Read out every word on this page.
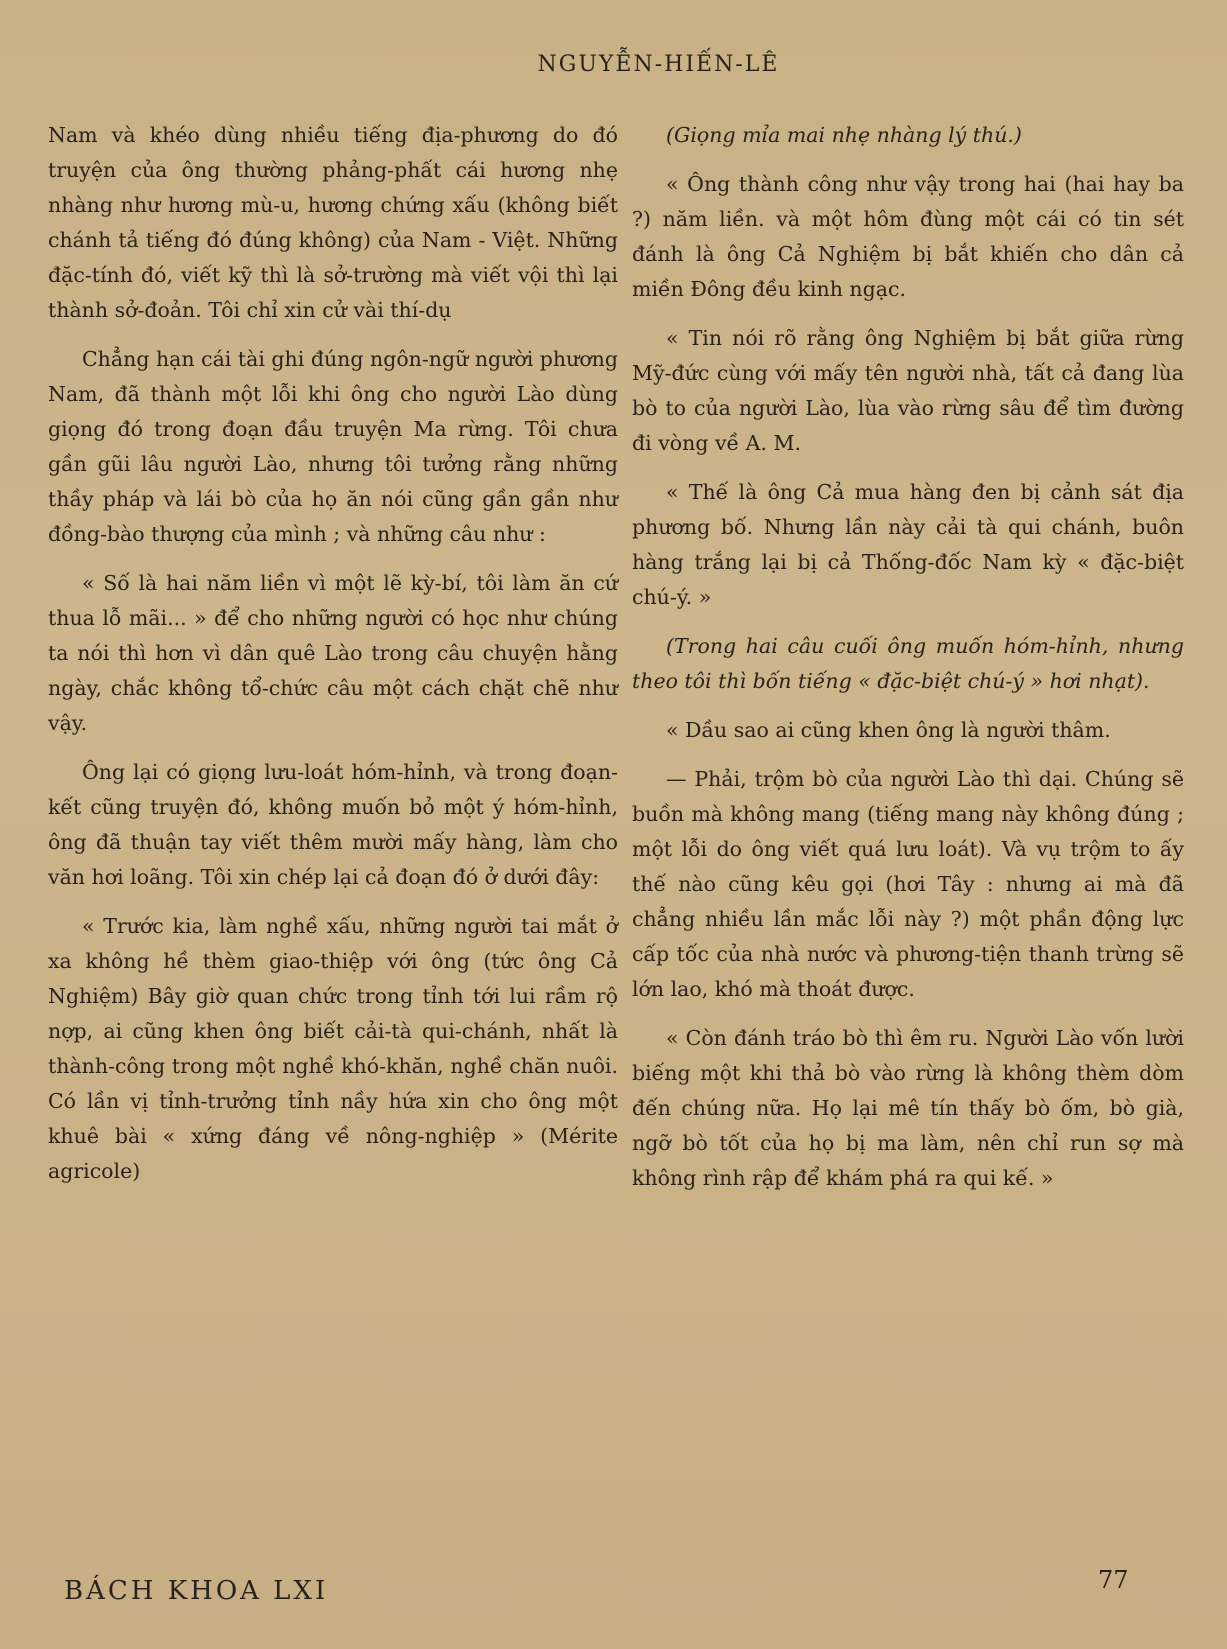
NGUYỄN-HIẾN-LÊ

Nam và khéo dùng nhiều tiếng địa-phương do đó truyện của ông thường phảng-phất cái hương nhẹ nhàng như hương mù-u, hương chứng xấu (không biết chánh tả tiếng đó đúng không) của Nam - Việt. Những đặc-tính đó, viết kỹ thì là sở-trường mà viết vội thì lại thành sở-đoản. Tôi chỉ xin cử vài thí-dụ

Chẳng hạn cái tài ghi đúng ngôn-ngữ người phương Nam, đã thành một lỗi khi ông cho người Lào dùng giọng đó trong đoạn đầu truyện Ma rừng. Tôi chưa gần gũi lâu người Lào, nhưng tôi tưởng rằng những thầy pháp và lái bò của họ ăn nói cũng gần gần như đồng-bào thượng của mình ; và những câu như :

« Số là hai năm liền vì một lẽ kỳ-bí, tôi làm ăn cứ thua lỗ mãi... » để cho những người có học như chúng ta nói thì hơn vì dân quê Lào trong câu chuyện hằng ngày, chắc không tổ-chức câu một cách chặt chẽ như vậy.

Ông lại có giọng lưu-loát hóm-hỉnh, và trong đoạn-kết cũng truyện đó, không muốn bỏ một ý hóm-hỉnh, ông đã thuận tay viết thêm mười mấy hàng, làm cho văn hơi loãng. Tôi xin chép lại cả đoạn đó ở dưới đây:

« Trước kia, làm nghề xấu, những người tai mắt ở xa không hề thèm giao-thiệp với ông (tức ông Cả Nghiệm) Bây giờ quan chức trong tỉnh tới lui rầm rộ nợp, ai cũng khen ông biết cải-tà qui-chánh, nhất là thành-công trong một nghề khó-khăn, nghề chăn nuôi. Có lần vị tỉnh-trưởng tỉnh nầy hứa xin cho ông một khuê bài « xứng đáng về nông-nghiệp » (Mérite agricole)

(Giọng mỉa mai nhẹ nhàng lý thú.)

« Ông thành công như vậy trong hai (hai hay ba ?) năm liền. và một hôm đùng một cái có tin sét đánh là ông Cả Nghiệm bị bắt khiến cho dân cả miền Đông đều kinh ngạc.

« Tin nói rõ rằng ông Nghiệm bị bắt giữa rừng Mỹ-đức cùng với mấy tên người nhà, tất cả đang lùa bò to của người Lào, lùa vào rừng sâu để tìm đường đi vòng về A. M.

« Thế là ông Cả mua hàng đen bị cảnh sát địa phương bố. Nhưng lần này cải tà qui chánh, buôn hàng trắng lại bị cả Thống-đốc Nam kỳ « đặc-biệt chú-ý. »

(Trong hai câu cuối ông muốn hóm-hỉnh, nhưng theo tôi thì bốn tiếng « đặc-biệt chú-ý » hơi nhạt).

« Dầu sao ai cũng khen ông là người thâm.

— Phải, trộm bò của người Lào thì dại. Chúng sẽ buồn mà không mang (tiếng mang này không đúng ; một lỗi do ông viết quá lưu loát). Và vụ trộm to ấy thế nào cũng kêu gọi (hơi Tây : nhưng ai mà đã chẳng nhiều lần mắc lỗi này ?) một phần động lực cấp tốc của nhà nước và phương-tiện thanh trừng sẽ lớn lao, khó mà thoát được.

« Còn đánh tráo bò thì êm ru. Người Lào vốn lười biếng một khi thả bò vào rừng là không thèm dòm đến chúng nữa. Họ lại mê tín thấy bò ốm, bò già, ngỡ bò tốt của họ bị ma làm, nên chỉ run sợ mà không rình rập để khám phá ra qui kế. »

BÁCH KHOA LXI	77
